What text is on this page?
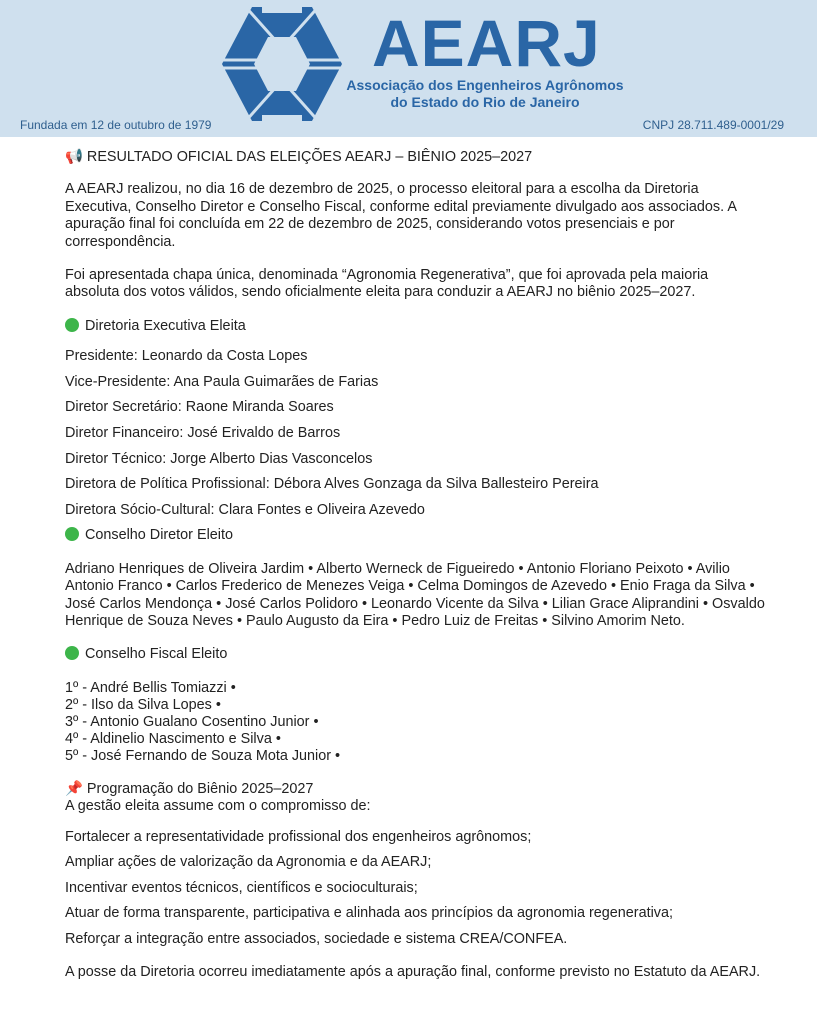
AEARJ
Associação dos Engenheiros Agrônomos
do Estado do Rio de Janeiro
Fundada em 12 de outubro de 1979	CNPJ 28.711.489-0001/29

📢 RESULTADO OFICIAL DAS ELEIÇÕES AEARJ – BIÊNIO 2025–2027

A AEARJ realizou, no dia 16 de dezembro de 2025, o processo eleitoral para a escolha da Diretoria Executiva, Conselho Diretor e Conselho Fiscal, conforme edital previamente divulgado aos associados. A apuração final foi concluída em 22 de dezembro de 2025, considerando votos presenciais e por correspondência.

Foi apresentada chapa única, denominada “Agronomia Regenerativa”, que foi aprovada pela maioria absoluta dos votos válidos, sendo oficialmente eleita para conduzir a AEARJ no biênio 2025–2027.

Diretoria Executiva Eleita

Presidente: Leonardo da Costa Lopes

Vice-Presidente: Ana Paula Guimarães de Farias

Diretor Secretário: Raone Miranda Soares

Diretor Financeiro: José Erivaldo de Barros

Diretor Técnico: Jorge Alberto Dias Vasconcelos

Diretora de Política Profissional: Débora Alves Gonzaga da Silva Ballesteiro Pereira

Diretora Sócio-Cultural: Clara Fontes e Oliveira Azevedo

Conselho Diretor Eleito

Adriano Henriques de Oliveira Jardim • Alberto Werneck de Figueiredo • Antonio Floriano Peixoto • Avilio Antonio Franco • Carlos Frederico de Menezes Veiga • Celma Domingos de Azevedo • Enio Fraga da Silva • José Carlos Mendonça • José Carlos Polidoro • Leonardo Vicente da Silva • Lilian Grace Aliprandini • Osvaldo Henrique de Souza Neves • Paulo Augusto da Eira • Pedro Luiz de Freitas • Silvino Amorim Neto.

Conselho Fiscal Eleito

1º - André Bellis Tomiazzi •

2º - Ilso da Silva Lopes •

3º - Antonio Gualano Cosentino Junior •

4º - Aldinelio Nascimento e Silva •

5º - José Fernando de Souza Mota Junior •

📌 Programação do Biênio 2025–2027

A gestão eleita assume com o compromisso de:

Fortalecer a representatividade profissional dos engenheiros agrônomos;

Ampliar ações de valorização da Agronomia e da AEARJ;

Incentivar eventos técnicos, científicos e socioculturais;

Atuar de forma transparente, participativa e alinhada aos princípios da agronomia regenerativa;

Reforçar a integração entre associados, sociedade e sistema CREA/CONFEA.

A posse da Diretoria ocorreu imediatamente após a apuração final, conforme previsto no Estatuto da AEARJ.
